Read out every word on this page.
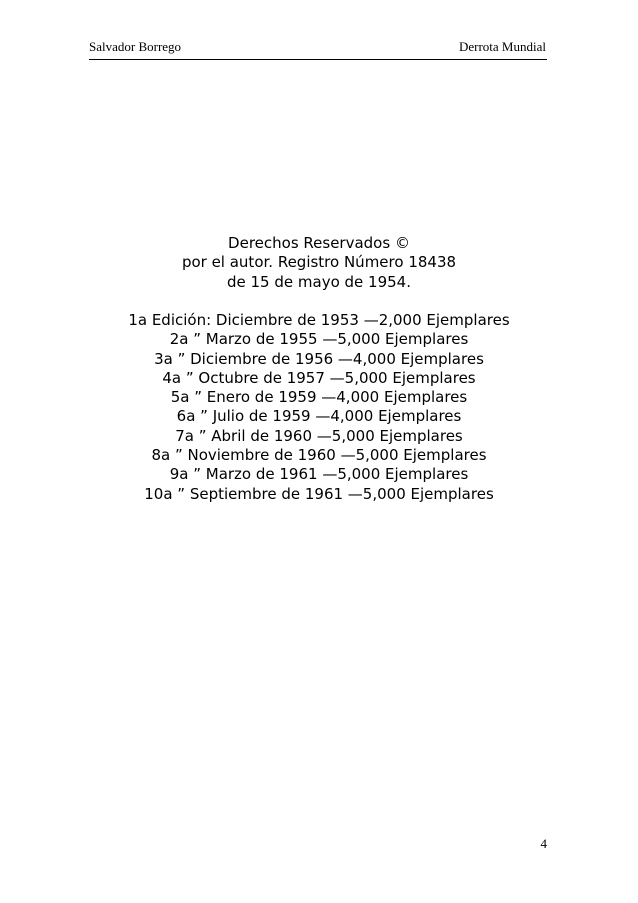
Salvador Borrego	Derrota Mundial
Derechos Reservados ©
por el autor. Registro Número 18438
de 15 de mayo de 1954.
1a Edición: Diciembre de 1953 —2,000 Ejemplares
2a ” Marzo de 1955 —5,000 Ejemplares
3a ” Diciembre de 1956 —4,000 Ejemplares
4a ” Octubre de 1957 —5,000 Ejemplares
5a ” Enero de 1959 —4,000 Ejemplares
6a ” Julio de 1959 —4,000 Ejemplares
7a ” Abril de 1960 —5,000 Ejemplares
8a ” Noviembre de 1960 —5,000 Ejemplares
9a ” Marzo de 1961 —5,000 Ejemplares
10a ” Septiembre de 1961 —5,000 Ejemplares
4
